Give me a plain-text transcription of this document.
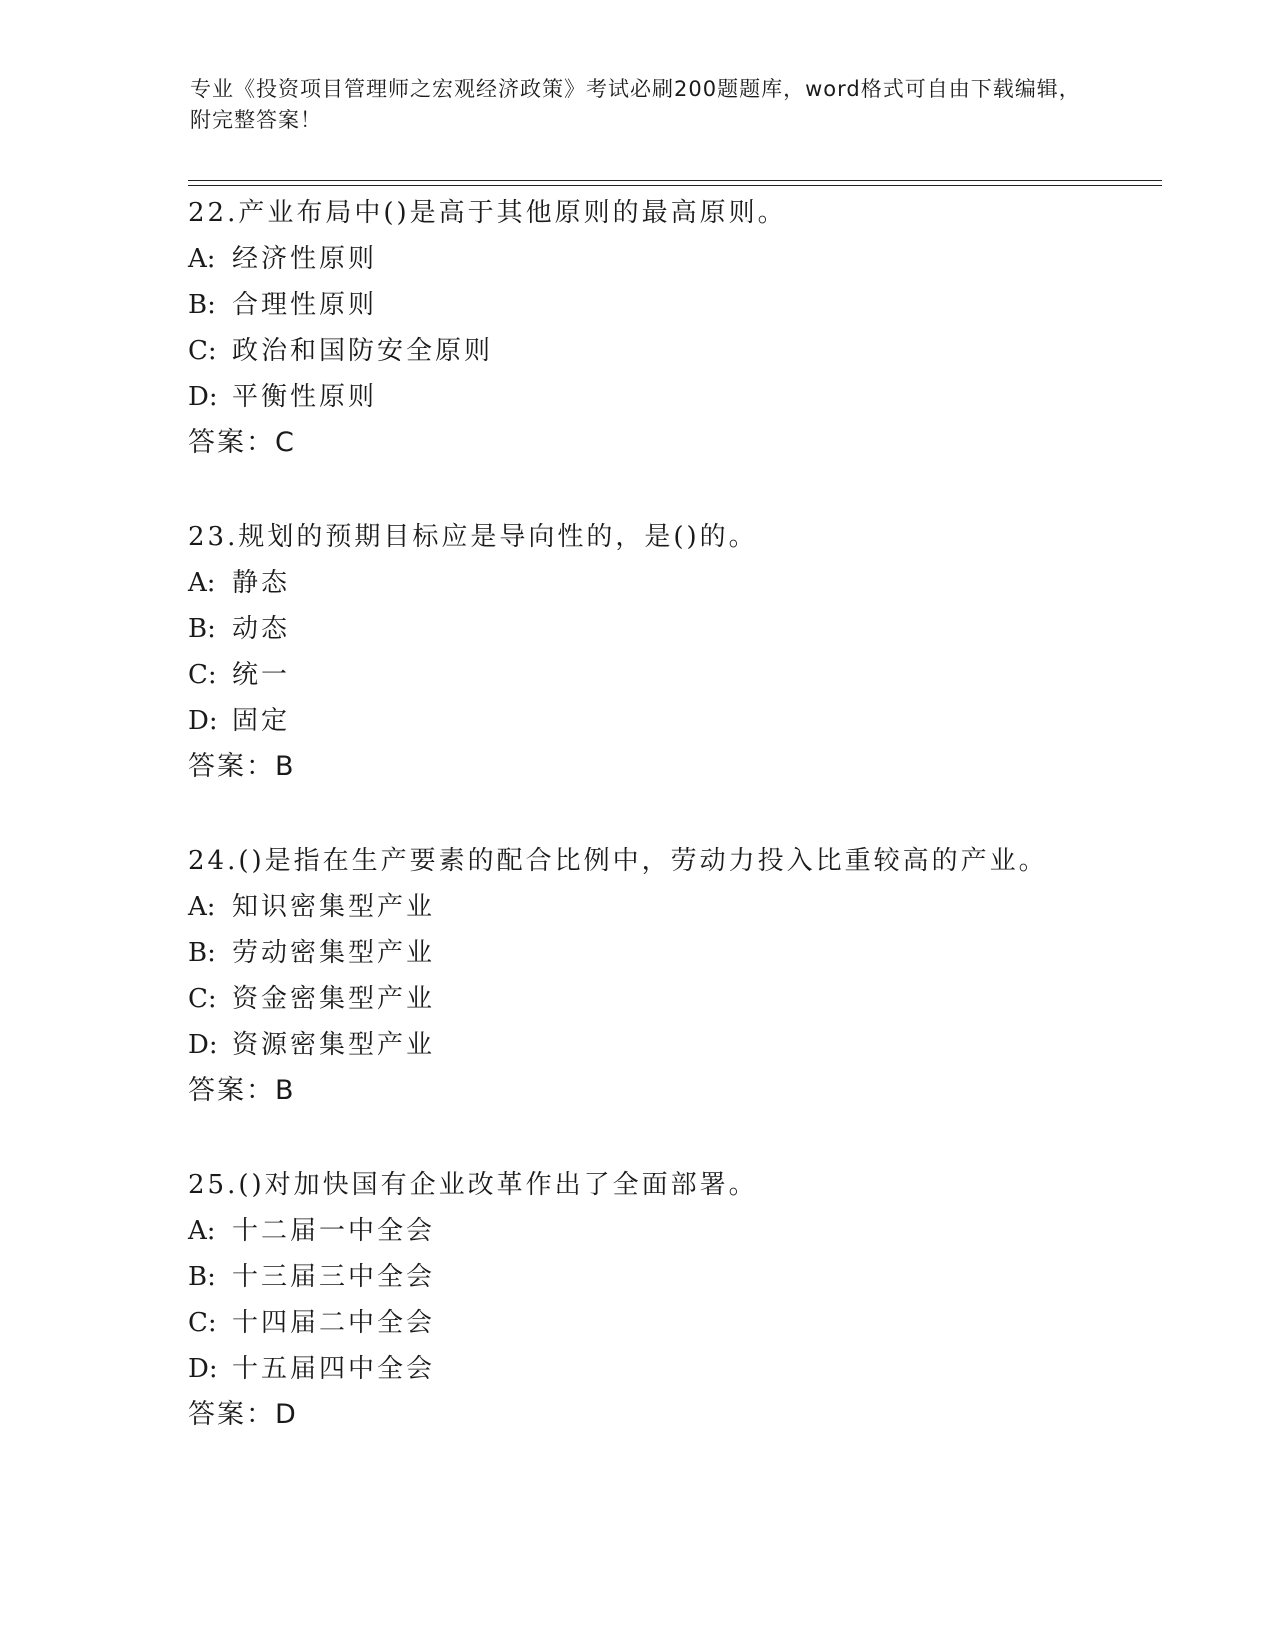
专业《投资项目管理师之宏观经济政策》考试必刷200题题库，word格式可自由下载编辑，附完整答案！
22.产业布局中()是高于其他原则的最高原则。
A: 经济性原则
B: 合理性原则
C: 政治和国防安全原则
D: 平衡性原则
答案：C
23.规划的预期目标应是导向性的，是()的。
A: 静态
B: 动态
C: 统一
D: 固定
答案：B
24.()是指在生产要素的配合比例中，劳动力投入比重较高的产业。
A: 知识密集型产业
B: 劳动密集型产业
C: 资金密集型产业
D: 资源密集型产业
答案：B
25.()对加快国有企业改革作出了全面部署。
A: 十二届一中全会
B: 十三届三中全会
C: 十四届二中全会
D: 十五届四中全会
答案：D
